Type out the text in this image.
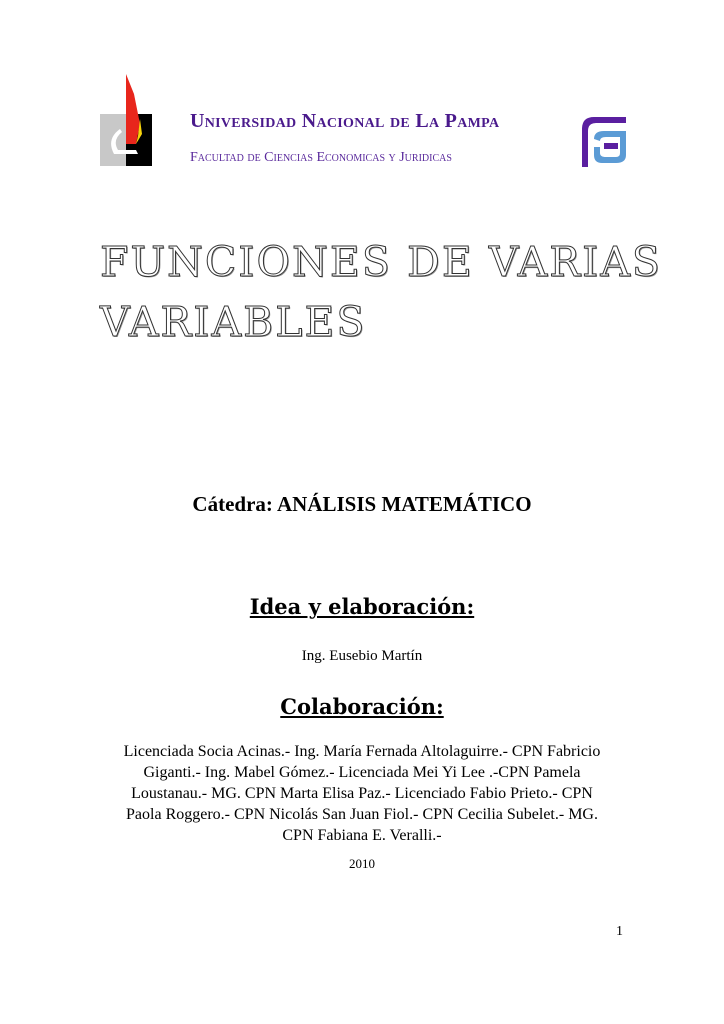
Universidad Nacional de La Pampa
Facultad de Ciencias Economicas y Juridicas
FUNCIONES DE VARIAS
VARIABLES
Cátedra: ANÁLISIS MATEMÁTICO
Idea y elaboración:
Ing. Eusebio Martín
Colaboración:
Licenciada Socia Acinas.- Ing. María Fernada Altolaguirre.- CPN Fabricio Giganti.- Ing. Mabel Gómez.- Licenciada Mei Yi Lee .-CPN Pamela Loustanau.- MG. CPN Marta Elisa Paz.- Licenciado Fabio Prieto.- CPN Paola Roggero.- CPN Nicolás San Juan Fiol.- CPN Cecilia Subelet.- MG. CPN Fabiana E. Veralli.-
2010
1
